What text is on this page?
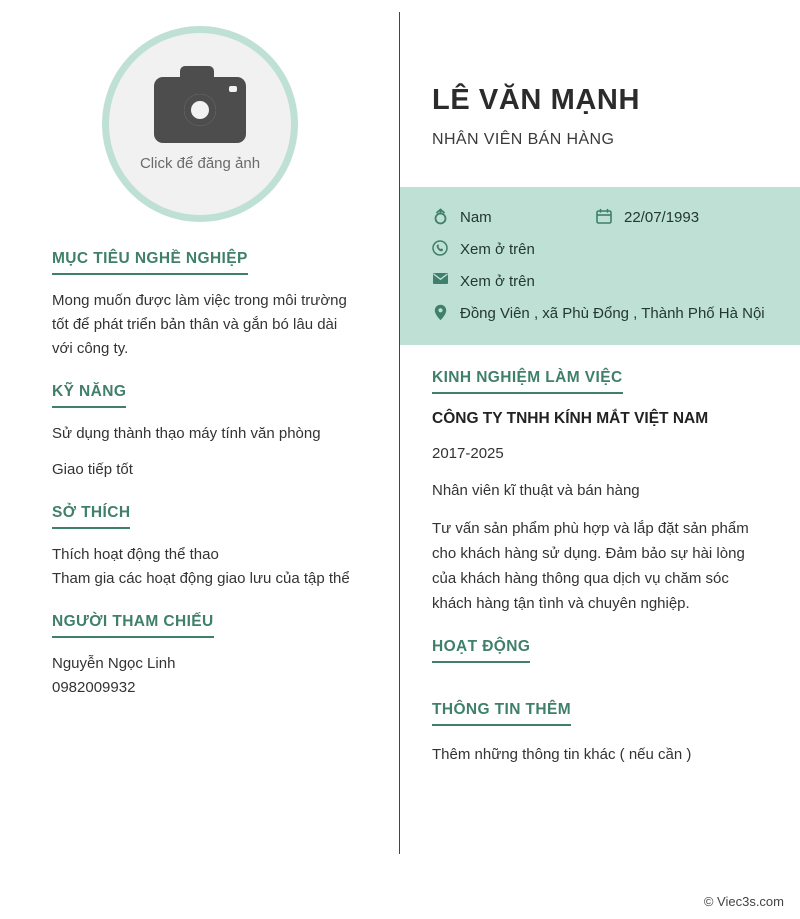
Click để đăng ảnh
MỤC TIÊU NGHỀ NGHIỆP

Mong muốn được làm việc trong môi trường tốt để phát triển bản thân và gắn bó lâu dài với công ty.

KỸ NĂNG

Sử dụng thành thạo máy tính văn phòng

Giao tiếp tốt

SỞ THÍCH

Thích hoạt động thể thao

Tham gia các hoạt động giao lưu của tập thể

NGƯỜI THAM CHIẾU

Nguyễn Ngọc Linh

0982009932

LÊ VĂN MẠNH
NHÂN VIÊN BÁN HÀNG
Nam	22/07/1993
Xem ở trên
Xem ở trên
Đồng Viên , xã Phù Đổng , Thành Phố Hà Nội
KINH NGHIỆM LÀM VIỆC
CÔNG TY TNHH KÍNH MẮT VIỆT NAM
2017-2025
Nhân viên kĩ thuật và bán hàng

Tư vấn sản phẩm phù hợp và lắp đặt sản phẩm cho khách hàng sử dụng. Đảm bảo sự hài lòng của khách hàng thông qua dịch vụ chăm sóc khách hàng tận tình và chuyên nghiệp.

HOẠT ĐỘNG
THÔNG TIN THÊM

Thêm những thông tin khác ( nếu cần )

© Viec3s.com
